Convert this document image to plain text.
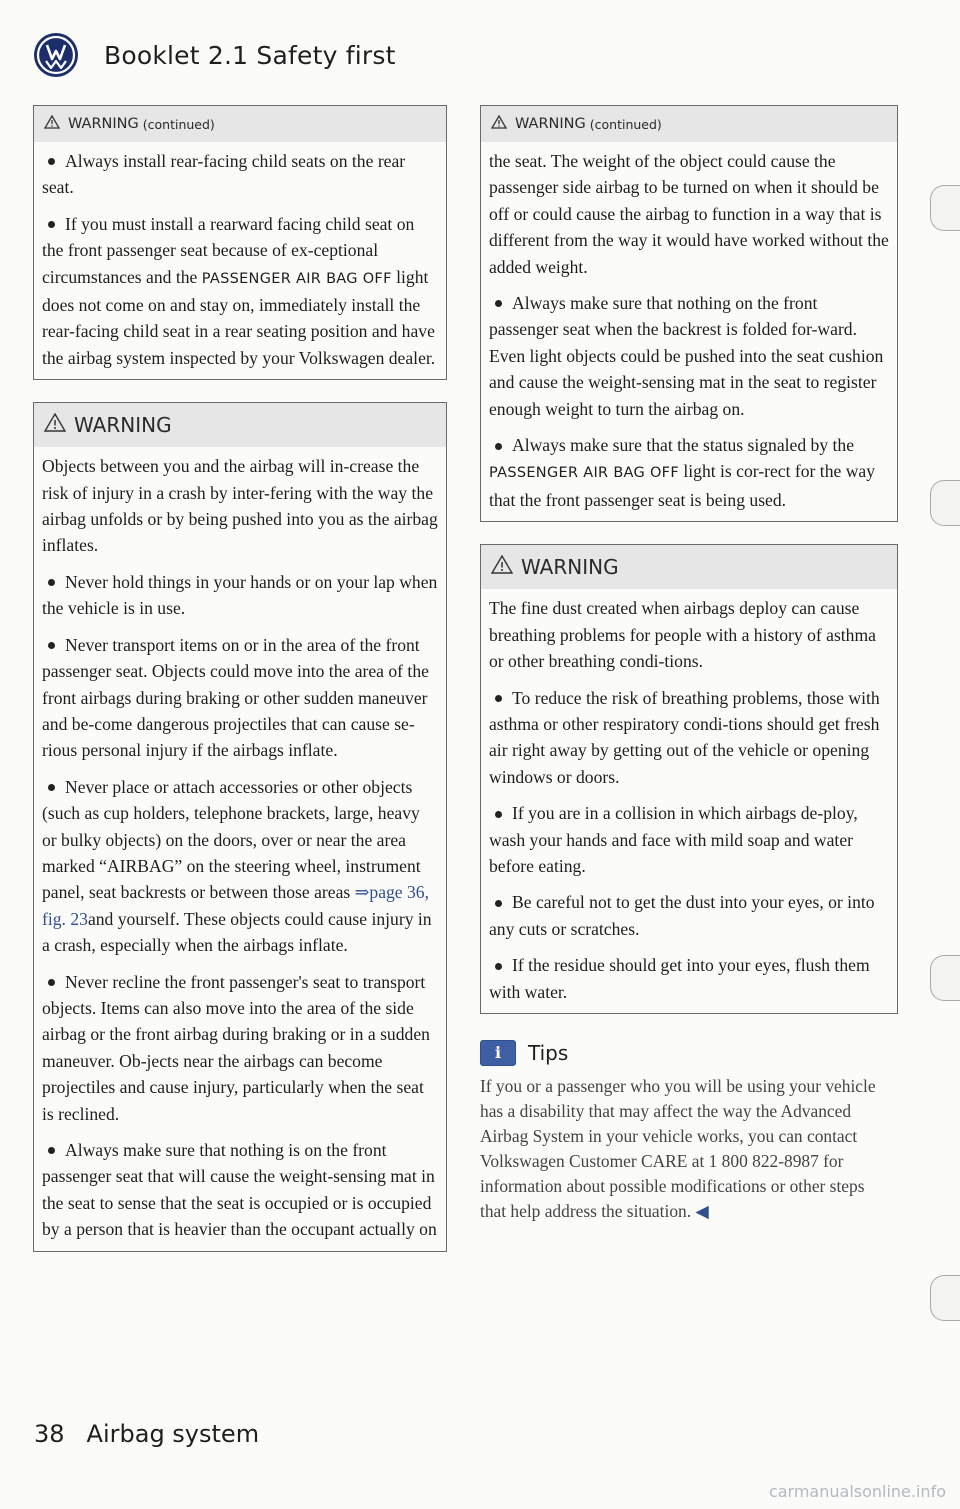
Booklet 2.1 Safety first
WARNING (continued)

Always install rear-facing child seats on the rear seat.

If you must install a rearward facing child seat on the front passenger seat because of ex-ceptional circumstances and the PASSENGER AIR BAG OFF light does not come on and stay on, immediately install the rear-facing child seat in a rear seating position and have the airbag system inspected by your Volkswagen dealer.

WARNING

Objects between you and the airbag will in-crease the risk of injury in a crash by inter-fering with the way the airbag unfolds or by being pushed into you as the airbag inflates.

Never hold things in your hands or on your lap when the vehicle is in use.

Never transport items on or in the area of the front passenger seat. Objects could move into the area of the front airbags during braking or other sudden maneuver and be-come dangerous projectiles that can cause se-rious personal injury if the airbags inflate.

Never place or attach accessories or other objects (such as cup holders, telephone brackets, large, heavy or bulky objects) on the doors, over or near the area marked “AIRBAG” on the steering wheel, instrument panel, seat backrests or between those areas ⇒page 36, fig. 23and yourself. These objects could cause injury in a crash, especially when the airbags inflate.

Never recline the front passenger's seat to transport objects. Items can also move into the area of the side airbag or the front airbag during braking or in a sudden maneuver. Ob-jects near the airbags can become projectiles and cause injury, particularly when the seat is reclined.

Always make sure that nothing is on the front passenger seat that will cause the weight-sensing mat in the seat to sense that the seat is occupied or is occupied by a person that is heavier than the occupant actually on

WARNING (continued)

the seat. The weight of the object could cause the passenger side airbag to be turned on when it should be off or could cause the airbag to function in a way that is different from the way it would have worked without the added weight.

Always make sure that nothing on the front passenger seat when the backrest is folded for-ward. Even light objects could be pushed into the seat cushion and cause the weight-sensing mat in the seat to register enough weight to turn the airbag on.

Always make sure that the status signaled by the PASSENGER AIR BAG OFF light is cor-rect for the way that the front passenger seat is being used.

WARNING

The fine dust created when airbags deploy can cause breathing problems for people with a history of asthma or other breathing condi-tions.

To reduce the risk of breathing problems, those with asthma or other respiratory condi-tions should get fresh air right away by getting out of the vehicle or opening windows or doors.

If you are in a collision in which airbags de-ploy, wash your hands and face with mild soap and water before eating.

Be careful not to get the dust into your eyes, or into any cuts or scratches.

If the residue should get into your eyes, flush them with water.

i	Tips
If you or a passenger who you will be using your vehicle has a disability that may affect the way the Advanced Airbag System in your vehicle works, you can contact Volkswagen Customer CARE at 1 800 822-8987 for information about possible modifications or other steps that help address the situation. ◀
38 Airbag system
carmanualsonline.info
